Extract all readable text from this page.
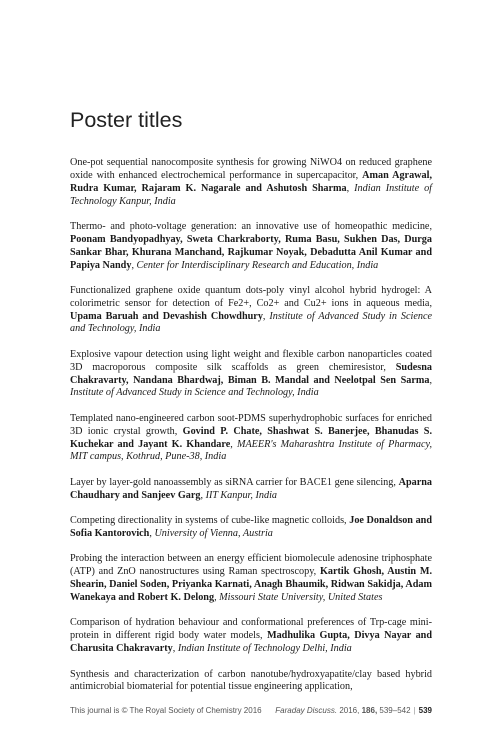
Poster titles

One-pot sequential nanocomposite synthesis for growing NiWO4 on reduced graphene oxide with enhanced electrochemical performance in supercapacitor, Aman Agrawal, Rudra Kumar, Rajaram K. Nagarale and Ashutosh Sharma, Indian Institute of Technology Kanpur, India

Thermo- and photo-voltage generation: an innovative use of homeopathic medicine, Poonam Bandyopadhyay, Sweta Charkraborty, Ruma Basu, Sukhen Das, Durga Sankar Bhar, Khurana Manchand, Rajkumar Noyak, Debadutta Anil Kumar and Papiya Nandy, Center for Interdisciplinary Research and Education, India

Functionalized graphene oxide quantum dots-poly vinyl alcohol hybrid hydrogel: A colorimetric sensor for detection of Fe2+, Co2+ and Cu2+ ions in aqueous media, Upama Baruah and Devashish Chowdhury, Institute of Advanced Study in Science and Technology, India

Explosive vapour detection using light weight and flexible carbon nanoparticles coated 3D macroporous composite silk scaffolds as green chemiresistor, Sudesna Chakravarty, Nandana Bhardwaj, Biman B. Mandal and Neelotpal Sen Sarma, Institute of Advanced Study in Science and Technology, India

Templated nano-engineered carbon soot-PDMS superhydrophobic surfaces for enriched 3D ionic crystal growth, Govind P. Chate, Shashwat S. Banerjee, Bhanudas S. Kuchekar and Jayant K. Khandare, MAEER's Maharashtra Institute of Pharmacy, MIT campus, Kothrud, Pune-38, India

Layer by layer-gold nanoassembly as siRNA carrier for BACE1 gene silencing, Aparna Chaudhary and Sanjeev Garg, IIT Kanpur, India

Competing directionality in systems of cube-like magnetic colloids, Joe Donaldson and Sofia Kantorovich, University of Vienna, Austria

Probing the interaction between an energy efficient biomolecule adenosine triphosphate (ATP) and ZnO nanostructures using Raman spectroscopy, Kartik Ghosh, Austin M. Shearin, Daniel Soden, Priyanka Karnati, Anagh Bhaumik, Ridwan Sakidja, Adam Wanekaya and Robert K. Delong, Missouri State University, United States

Comparison of hydration behaviour and conformational preferences of Trp-cage mini-protein in different rigid body water models, Madhulika Gupta, Divya Nayar and Charusita Chakravarty, Indian Institute of Technology Delhi, India

Synthesis and characterization of carbon nanotube/hydroxyapatite/clay based hybrid antimicrobial biomaterial for potential tissue engineering application,

This journal is © The Royal Society of Chemistry 2016 Faraday Discuss. 2016, 186, 539–542 | 539
